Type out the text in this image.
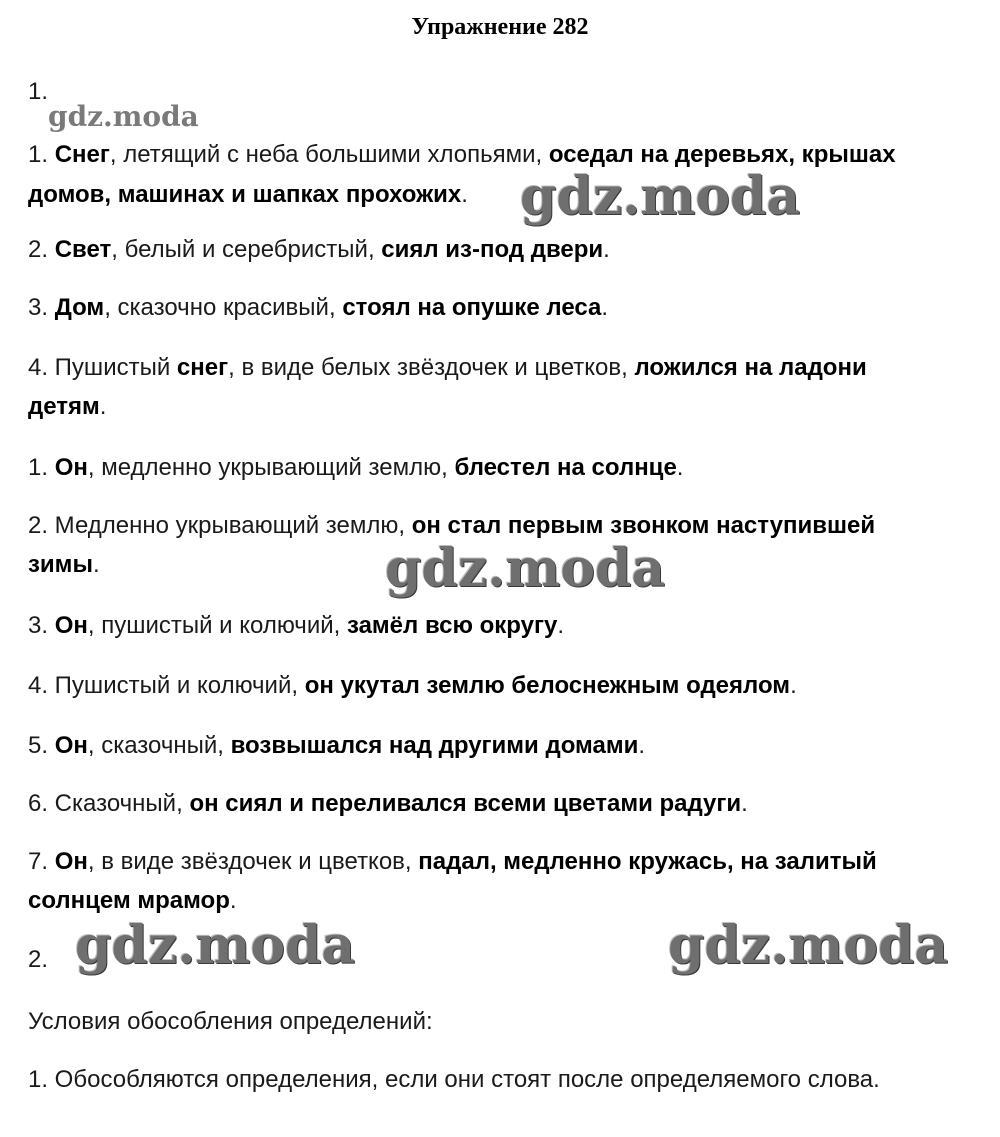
Упражнение 282
1.
gdz.moda
1. Снег, летящий с неба большими хлопьями, оседал на деревьях, крышах
домов, машинах и шапках прохожих.
2. Свет, белый и серебристый, сиял из-под двери.
3. Дом, сказочно красивый, стоял на опушке леса.
4. Пушистый снег, в виде белых звёздочек и цветков, ложился на ладони
детям.
1. Он, медленно укрывающий землю, блестел на солнце.
2. Медленно укрывающий землю, он стал первым звонком наступившей
зимы.
3. Он, пушистый и колючий, замёл всю округу.
4. Пушистый и колючий, он укутал землю белоснежным одеялом.
5. Он, сказочный, возвышался над другими домами.
6. Сказочный, он сиял и переливался всеми цветами радуги.
7. Он, в виде звёздочек и цветков, падал, медленно кружась, на залитый
солнцем мрамор.
gdz.moda
gdz.moda
2. gdz.moda	gdz.moda
Условия обособления определений:
1. Обособляются определения, если они стоят после определяемого слова.
